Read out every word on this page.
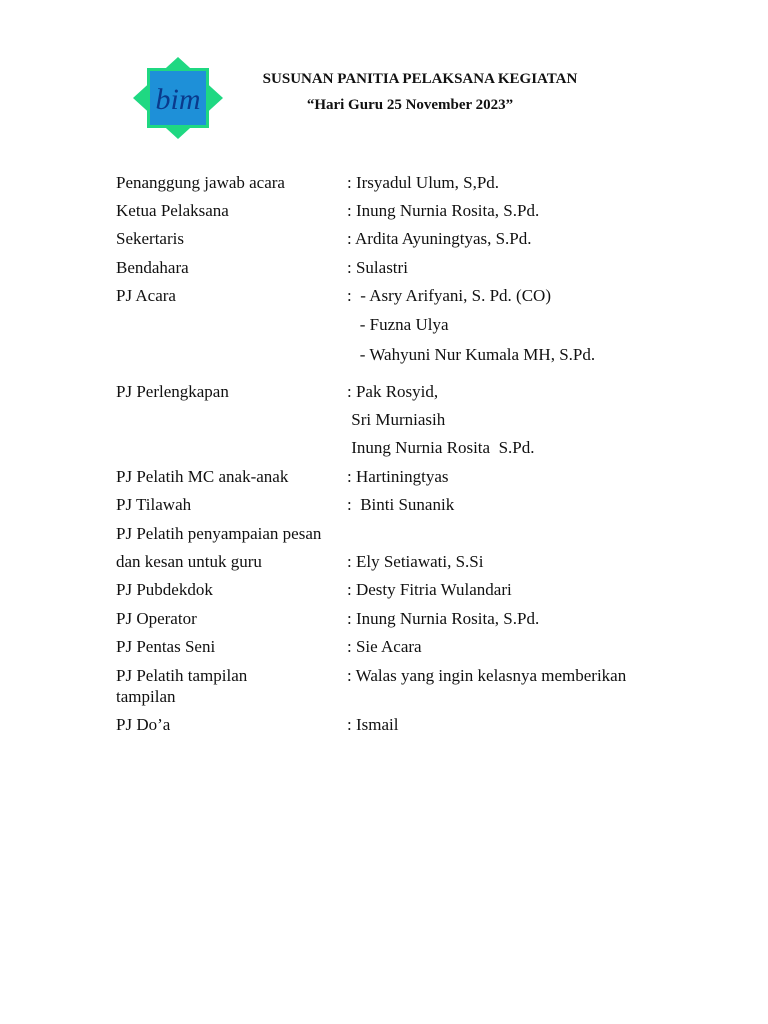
bim
SUSUNAN PANITIA PELAKSANA KEGIATAN
“Hari Guru 25 November 2023”
Penanggung jawab acara	: Irsyadul Ulum, S,Pd.
Ketua Pelaksana	: Inung Nurnia Rosita, S.Pd.
Sekertaris	: Ardita Ayuningtyas, S.Pd.
Bendahara	: Sulastri
PJ Acara	:  - Asry Arifyani, S. Pd. (CO)
- Fuzna Ulya
- Wahyuni Nur Kumala MH, S.Pd.
PJ Perlengkapan	: Pak Rosyid,
Sri Murniasih
Inung Nurnia Rosita  S.Pd.
PJ Pelatih MC anak-anak	: Hartiningtyas
PJ Tilawah	:  Binti Sunanik
PJ Pelatih penyampaian pesan
dan kesan untuk guru	: Ely Setiawati, S.Si
PJ Pubdekdok	: Desty Fitria Wulandari
PJ Operator	: Inung Nurnia Rosita, S.Pd.
PJ Pentas Seni	: Sie Acara
PJ Pelatih tampilan	: Walas yang ingin kelasnya memberikan
tampilan
PJ Do’a	: Ismail
